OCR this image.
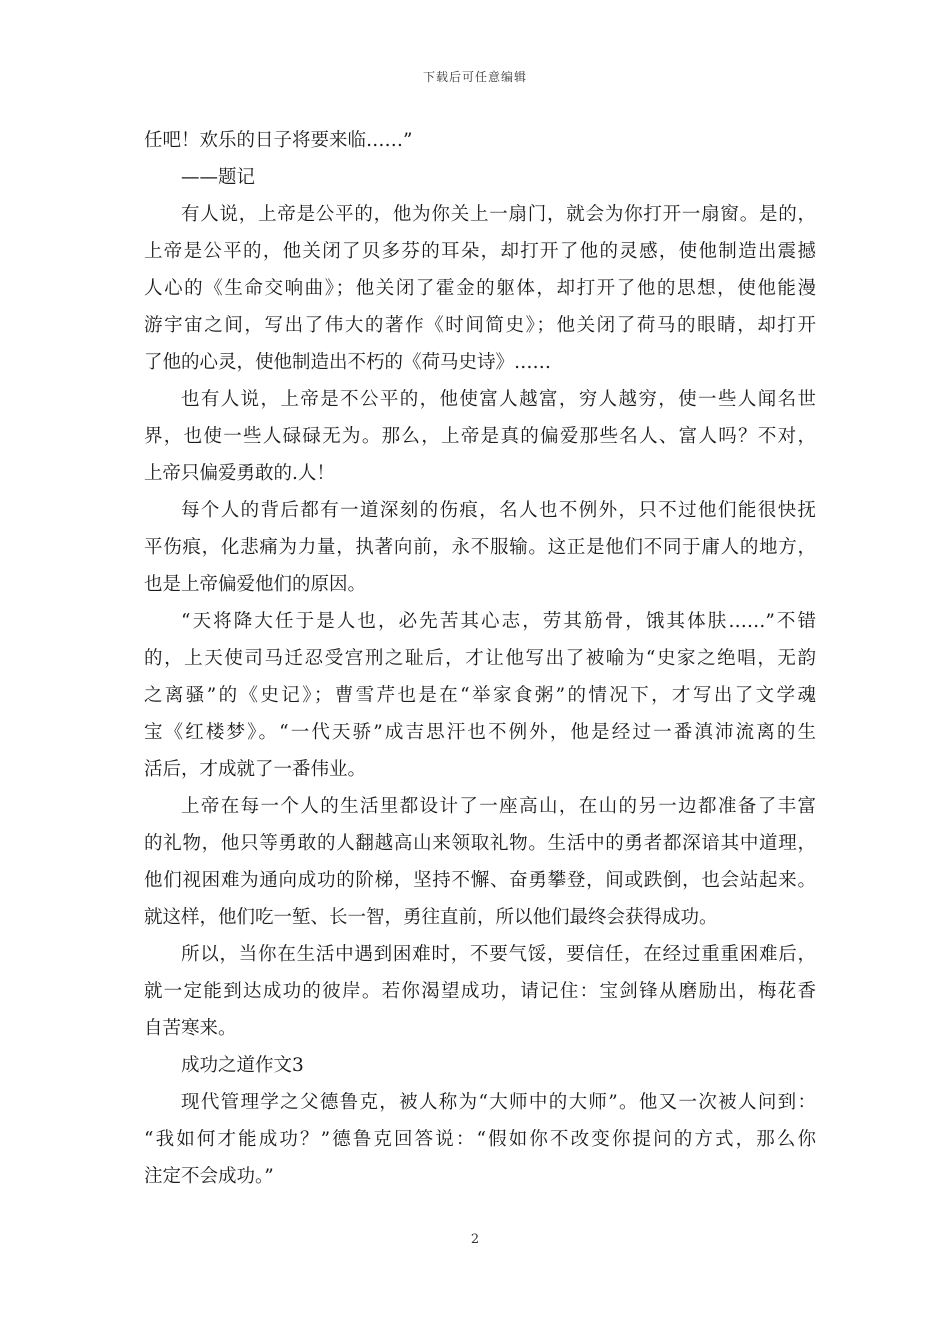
下载后可任意编辑
任吧！欢乐的日子将要来临……”
——题记
有人说，上帝是公平的，他为你关上一扇门，就会为你打开一扇窗。是的，
上帝是公平的，他关闭了贝多芬的耳朵，却打开了他的灵感，使他制造出震撼
人心的《生命交响曲》；他关闭了霍金的躯体，却打开了他的思想，使他能漫
游宇宙之间，写出了伟大的著作《时间简史》；他关闭了荷马的眼睛，却打开
了他的心灵，使他制造出不朽的《荷马史诗》……
也有人说，上帝是不公平的，他使富人越富，穷人越穷，使一些人闻名世
界，也使一些人碌碌无为。那么，上帝是真的偏爱那些名人、富人吗？不对，
上帝只偏爱勇敢的.人！
每个人的背后都有一道深刻的伤痕，名人也不例外，只不过他们能很快抚
平伤痕，化悲痛为力量，执著向前，永不服输。这正是他们不同于庸人的地方，
也是上帝偏爱他们的原因。
“天将降大任于是人也，必先苦其心志，劳其筋骨，饿其体肤……”不错
的，上天使司马迁忍受宫刑之耻后，才让他写出了被喻为“史家之绝唱，无韵
之离骚”的《史记》；曹雪芹也是在“举家食粥”的情况下，才写出了文学魂
宝《红楼梦》。“一代天骄”成吉思汗也不例外，他是经过一番滇沛流离的生
活后，才成就了一番伟业。
上帝在每一个人的生活里都设计了一座高山，在山的另一边都准备了丰富
的礼物，他只等勇敢的人翻越高山来领取礼物。生活中的勇者都深谙其中道理，
他们视困难为通向成功的阶梯，坚持不懈、奋勇攀登，间或跌倒，也会站起来。
就这样，他们吃一堑、长一智，勇往直前，所以他们最终会获得成功。
所以，当你在生活中遇到困难时，不要气馁，要信任，在经过重重困难后，
就一定能到达成功的彼岸。若你渴望成功，请记住：宝剑锋从磨励出，梅花香
自苦寒来。
成功之道作文3
现代管理学之父德鲁克，被人称为“大师中的大师”。他又一次被人问到：
“我如何才能成功？”德鲁克回答说：“假如你不改变你提问的方式，那么你
注定不会成功。”
2
